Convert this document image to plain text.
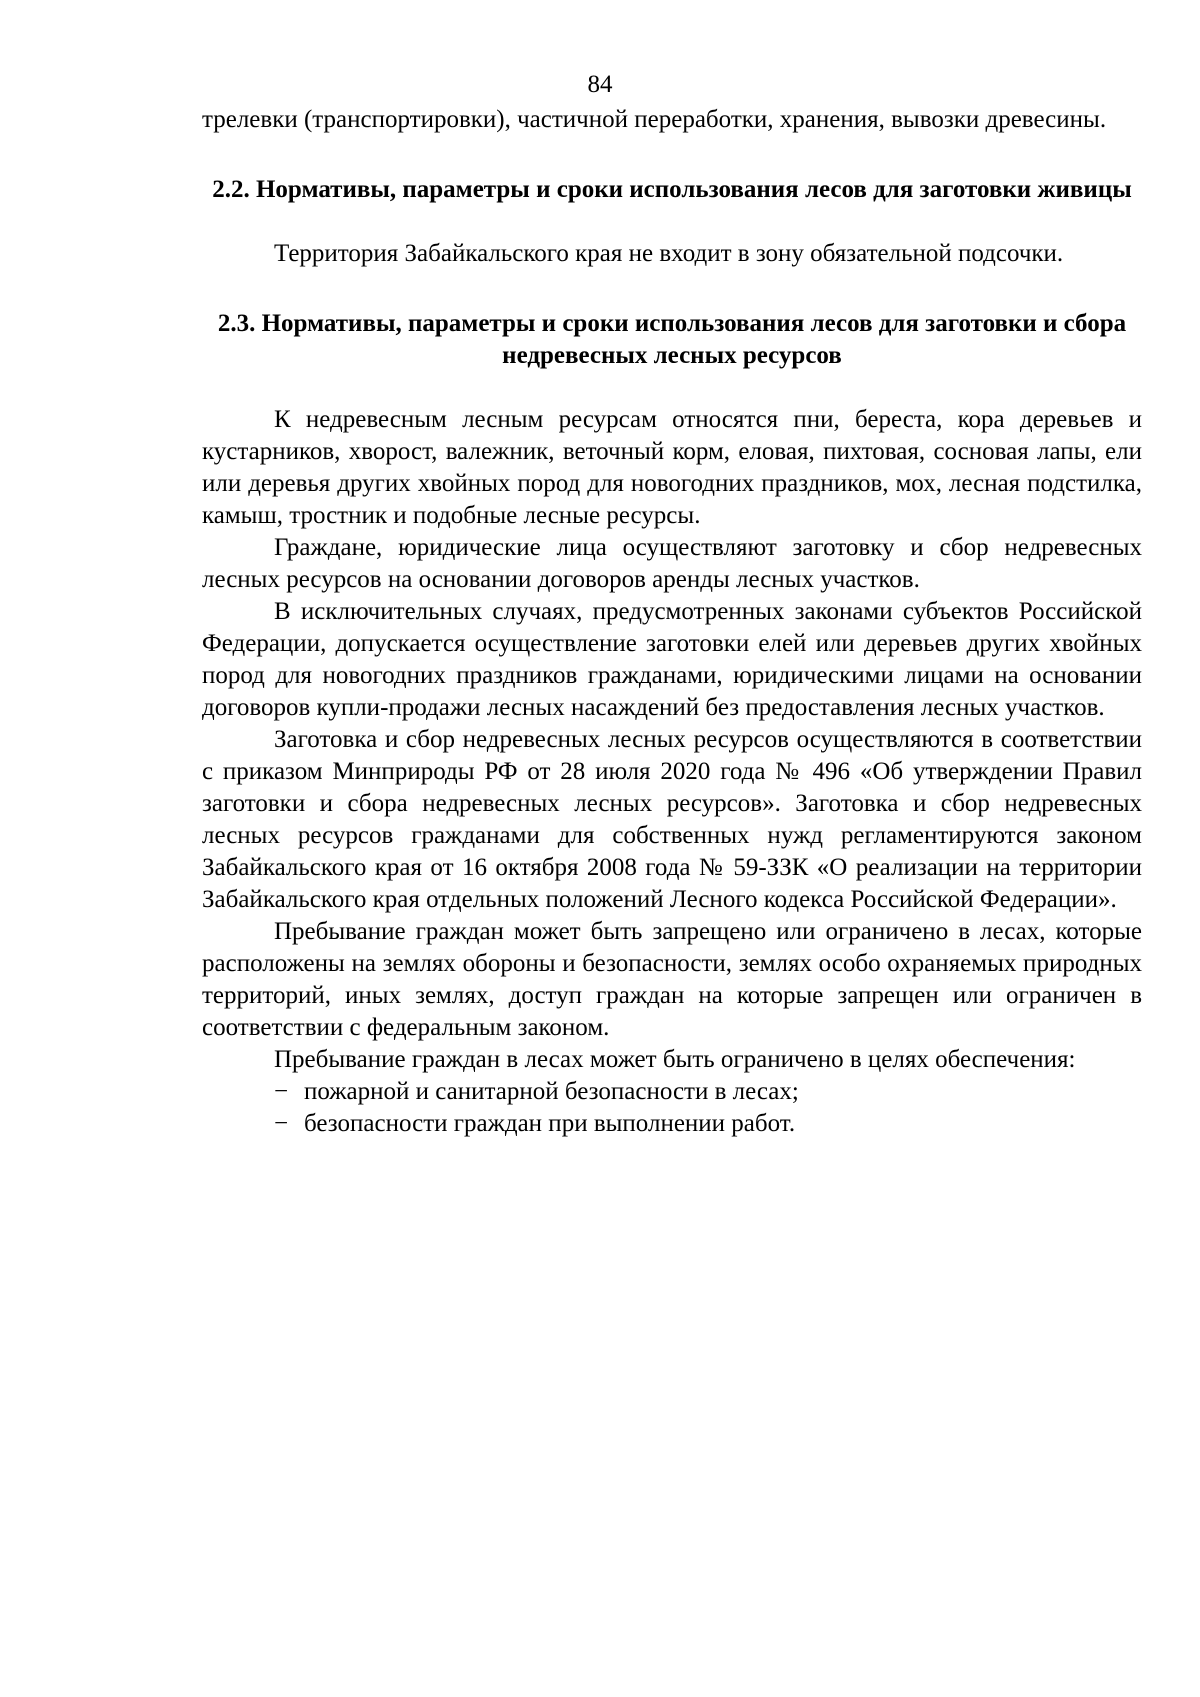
84

трелевки (транспортировки), частичной переработки, хранения, вывозки древесины.

2.2. Нормативы, параметры и сроки использования лесов для заготовки живицы

Территория Забайкальского края не входит в зону обязательной подсочки.

2.3. Нормативы, параметры и сроки использования лесов для заготовки и сбора недревесных лесных ресурсов

К недревесным лесным ресурсам относятся пни, береста, кора деревьев и кустарников, хворост, валежник, веточный корм, еловая, пихтовая, сосновая лапы, ели или деревья других хвойных пород для новогодних праздников, мох, лесная подстилка, камыш, тростник и подобные лесные ресурсы.

Граждане, юридические лица осуществляют заготовку и сбор недревесных лесных ресурсов на основании договоров аренды лесных участков.

В исключительных случаях, предусмотренных законами субъектов Российской Федерации, допускается осуществление заготовки елей или деревьев других хвойных пород для новогодних праздников гражданами, юридическими лицами на основании договоров купли-продажи лесных насаждений без предоставления лесных участков.

Заготовка и сбор недревесных лесных ресурсов осуществляются в соответствии с приказом Минприроды РФ от 28 июля 2020 года № 496 «Об утверждении Правил заготовки и сбора недревесных лесных ресурсов». Заготовка и сбор недревесных лесных ресурсов гражданами для собственных нужд регламентируются законом Забайкальского края от 16 октября 2008 года № 59-ЗЗК «О реализации на территории Забайкальского края отдельных положений Лесного кодекса Российской Федерации».

Пребывание граждан может быть запрещено или ограничено в лесах, которые расположены на землях обороны и безопасности, землях особо охраняемых природных территорий, иных землях, доступ граждан на которые запрещен или ограничен в соответствии с федеральным законом.

Пребывание граждан в лесах может быть ограничено в целях обеспечения:

− пожарной и санитарной безопасности в лесах;
− безопасности граждан при выполнении работ.
